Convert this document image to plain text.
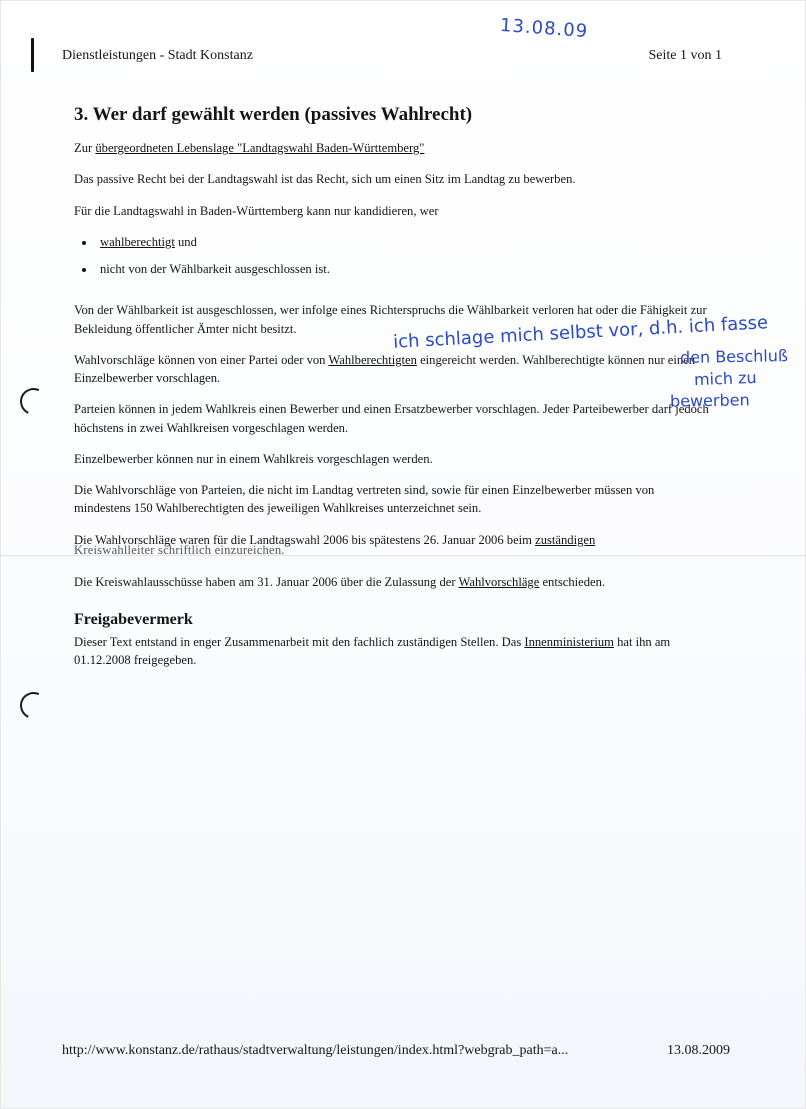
Dienstleistungen - Stadt Konstanz
13.08.09
Seite 1 von 1
3. Wer darf gewählt werden (passives Wahlrecht)

Zur übergeordneten Lebenslage "Landtagswahl Baden-Württemberg"

Das passive Recht bei der Landtagswahl ist das Recht, sich um einen Sitz im Landtag zu bewerben.

Für die Landtagswahl in Baden-Württemberg kann nur kandidieren, wer

• wahlberechtigt und
• nicht von der Wählbarkeit ausgeschlossen ist.

Von der Wählbarkeit ist ausgeschlossen, wer infolge eines Richterspruchs die Wählbarkeit verloren hat oder die Fähigkeit zur Bekleidung öffentlicher Ämter nicht besitzt.

Wahlvorschläge können von einer Partei oder von Wahlberechtigten eingereicht werden. Wahlberechtigte können nur einen Einzelbewerber vorschlagen.

Parteien können in jedem Wahlkreis einen Bewerber und einen Ersatzbewerber vorschlagen. Jeder Parteibewerber darf jedoch höchstens in zwei Wahlkreisen vorgeschlagen werden.

Einzelbewerber können nur in einem Wahlkreis vorgeschlagen werden.

Die Wahlvorschläge von Parteien, die nicht im Landtag vertreten sind, sowie für einen Einzelbewerber müssen von mindestens 150 Wahlberechtigten des jeweiligen Wahlkreises unterzeichnet sein.

Die Wahlvorschläge waren für die Landtagswahl 2006 bis spätestens 26. Januar 2006 beim zuständigen

Kreiswahlleiter schriftlich einzureichen.

Die Kreiswahlausschüsse haben am 31. Januar 2006 über die Zulassung der Wahlvorschläge entschieden.

Freigabevermerk
Dieser Text entstand in enger Zusammenarbeit mit den fachlich zuständigen Stellen. Das Innenministerium hat ihn am 01.12.2008 freigegeben.
ich schlage mich selbst vor, d.h. ich fasse
den Beschluß
mich zu
bewerben
http://www.konstanz.de/rathaus/stadtverwaltung/leistungen/index.html?webgrab_path=a...	13.08.2009
